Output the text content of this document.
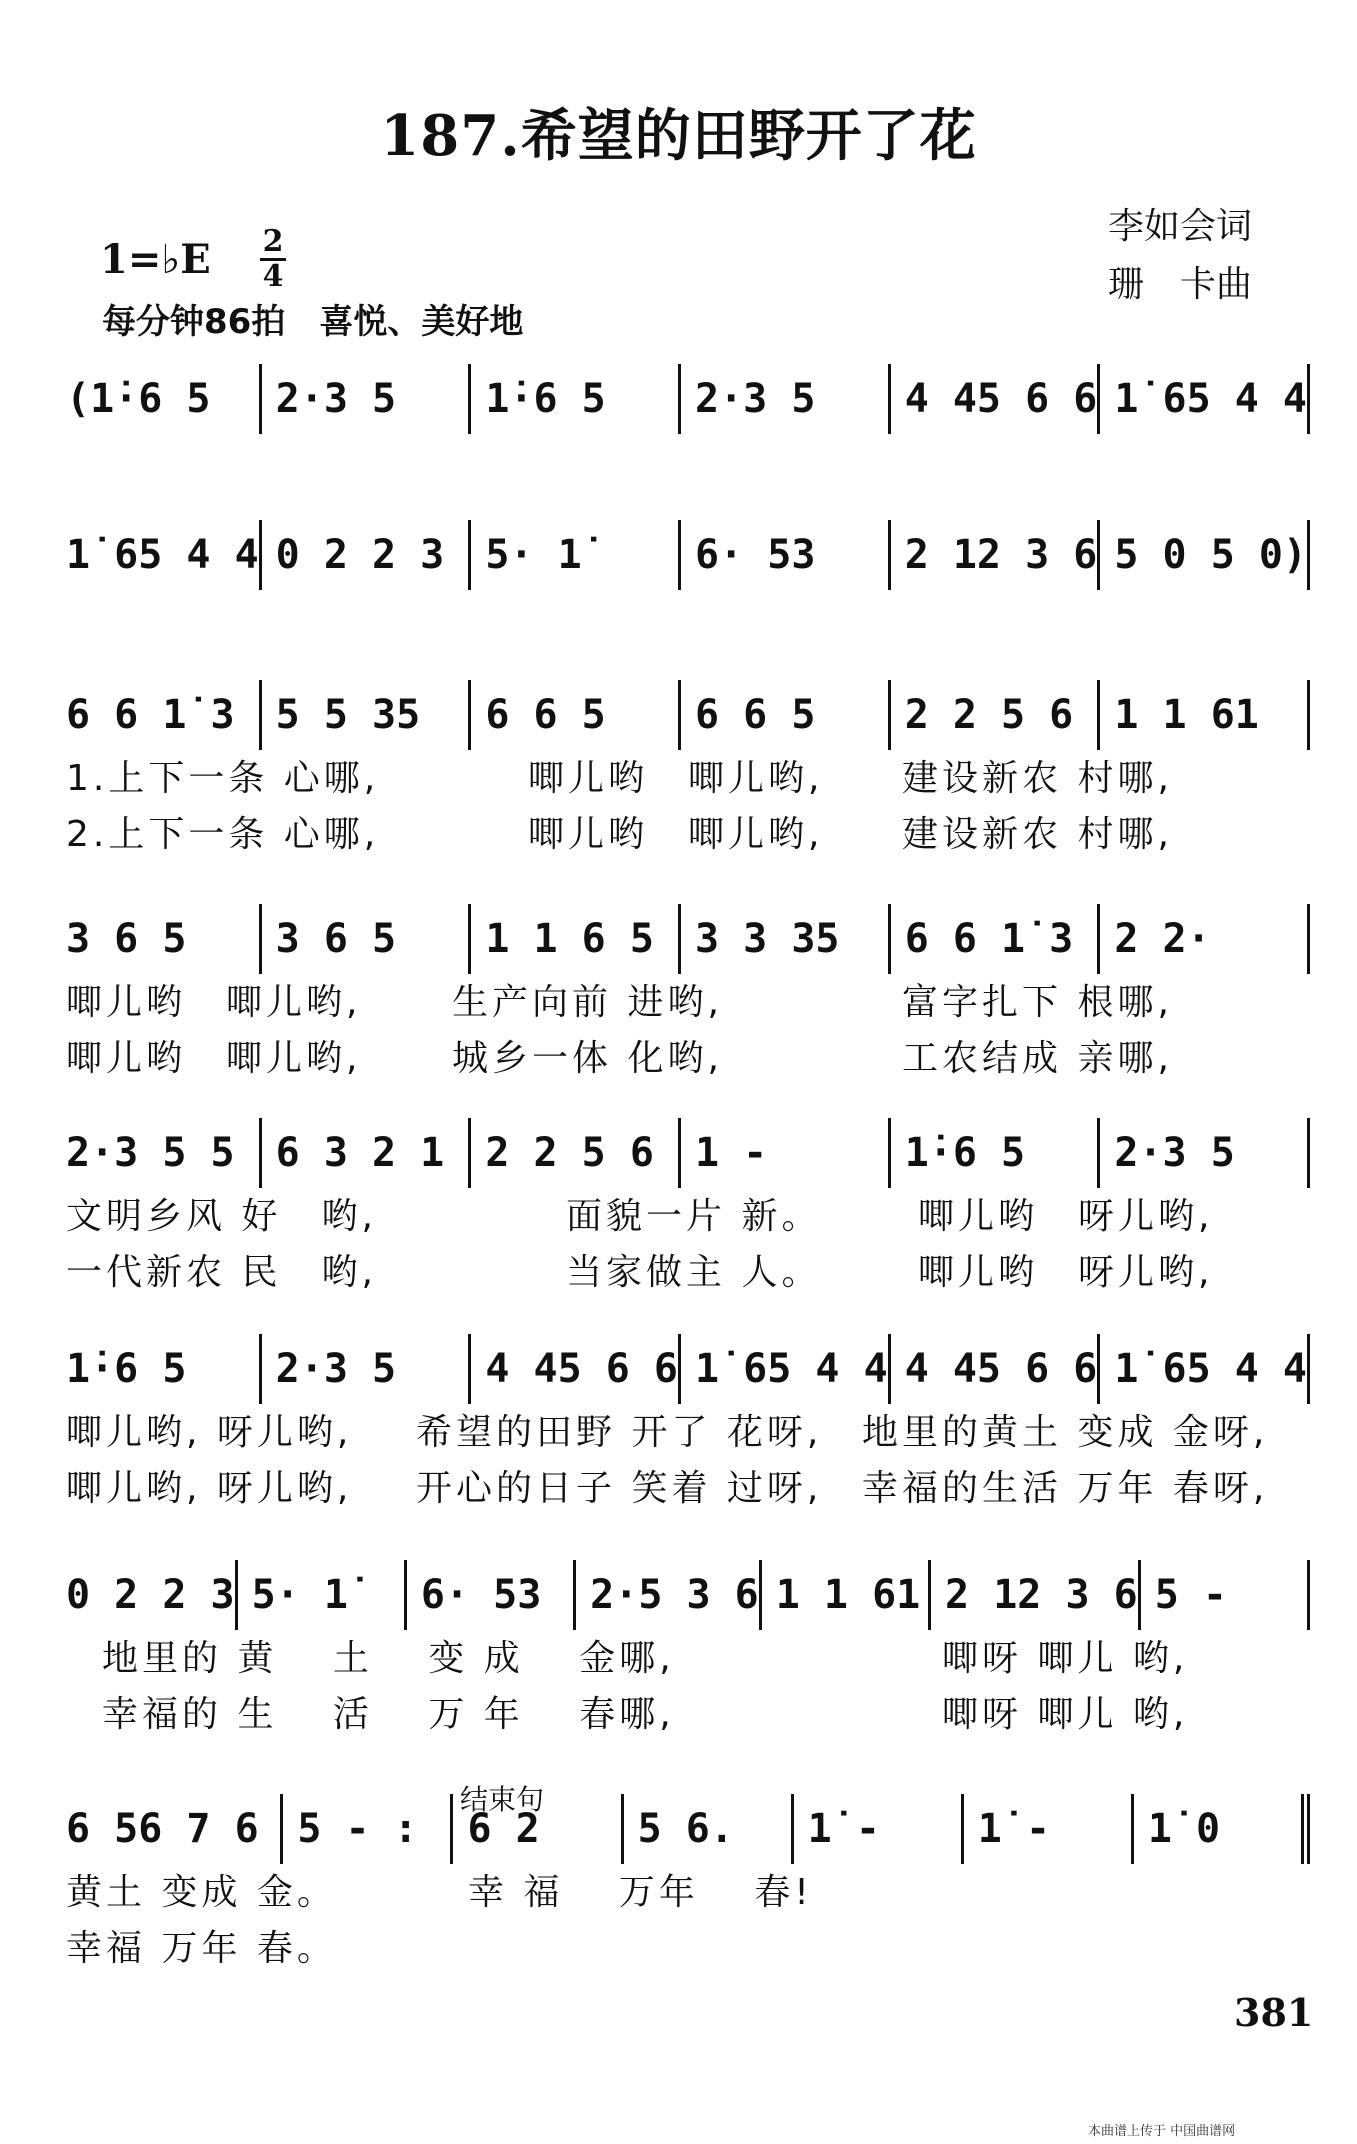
187.希望的田野开了花
李如会词
珊　卡曲
1=♭E 2
4
每分钟86拍　喜悦、美好地
(1̇·6 5	2·3 5	1̇·6 5	2·3 5	4 45 6 6 1̇ 65 4 4
1̇ 65 4 4 0 2 2 3	5· 1̇	6· 53	2 12 3 6 5 0 5 0)
6 6 1̇ 3	5 5 35	6 6 5	6 6 5	2 2 5 6	1 1 61

1.上下一条 心哪,

	唧儿哟　唧儿哟,

建设新农 村哪,

2.上下一条 心哪,

	唧儿哟　唧儿哟,

建设新农 村哪,

3 6 5	3 6 5	1 1 6 5	3 3 35	6 6 1̇ 3	2 2·

唧儿哟　唧儿哟,

	生产向前 进哟,

	富字扎下 根哪,

唧儿哟　唧儿哟,

	城乡一体 化哟,

	工农结成 亲哪,

2·3 5 5	6 3 2 1	2 2 5 6	1 -	1̇·6 5	2·3 5

文明乡风 好　哟,

	面貌一片 新。

	唧儿哟　呀儿哟,

一代新农 民　哟,

	当家做主 人。

	唧儿哟　呀儿哟,

1̇·6 5	2·3 5	4 45 6 6 1̇ 65 4 4 4 45 6 6 1̇ 65 4 4

唧儿哟, 呀儿哟,

希望的田野 开了 花呀,

地里的黄土 变成 金呀,

唧儿哟, 呀儿哟,

开心的日子 笑着 过呀,

幸福的生活 万年 春呀,

0 2 2 3 5· 1̇	6· 53	2·5 3 6 1 1 61 2 12 3 6 5 -

地里的 黄　 土　 变 成　 金哪,

	唧呀 唧儿 哟,

幸福的 生　 活　 万 年　 春哪,

	唧呀 唧儿 哟,

结束句
6 56 7 6 5 - :	6 2	5 6.	1̇ -	1̇ -	1̇ 0

黄土 变成 金。

	幸 福　 万年　 春!

幸福 万年 春。

381
本曲谱上传于 中国曲谱网
